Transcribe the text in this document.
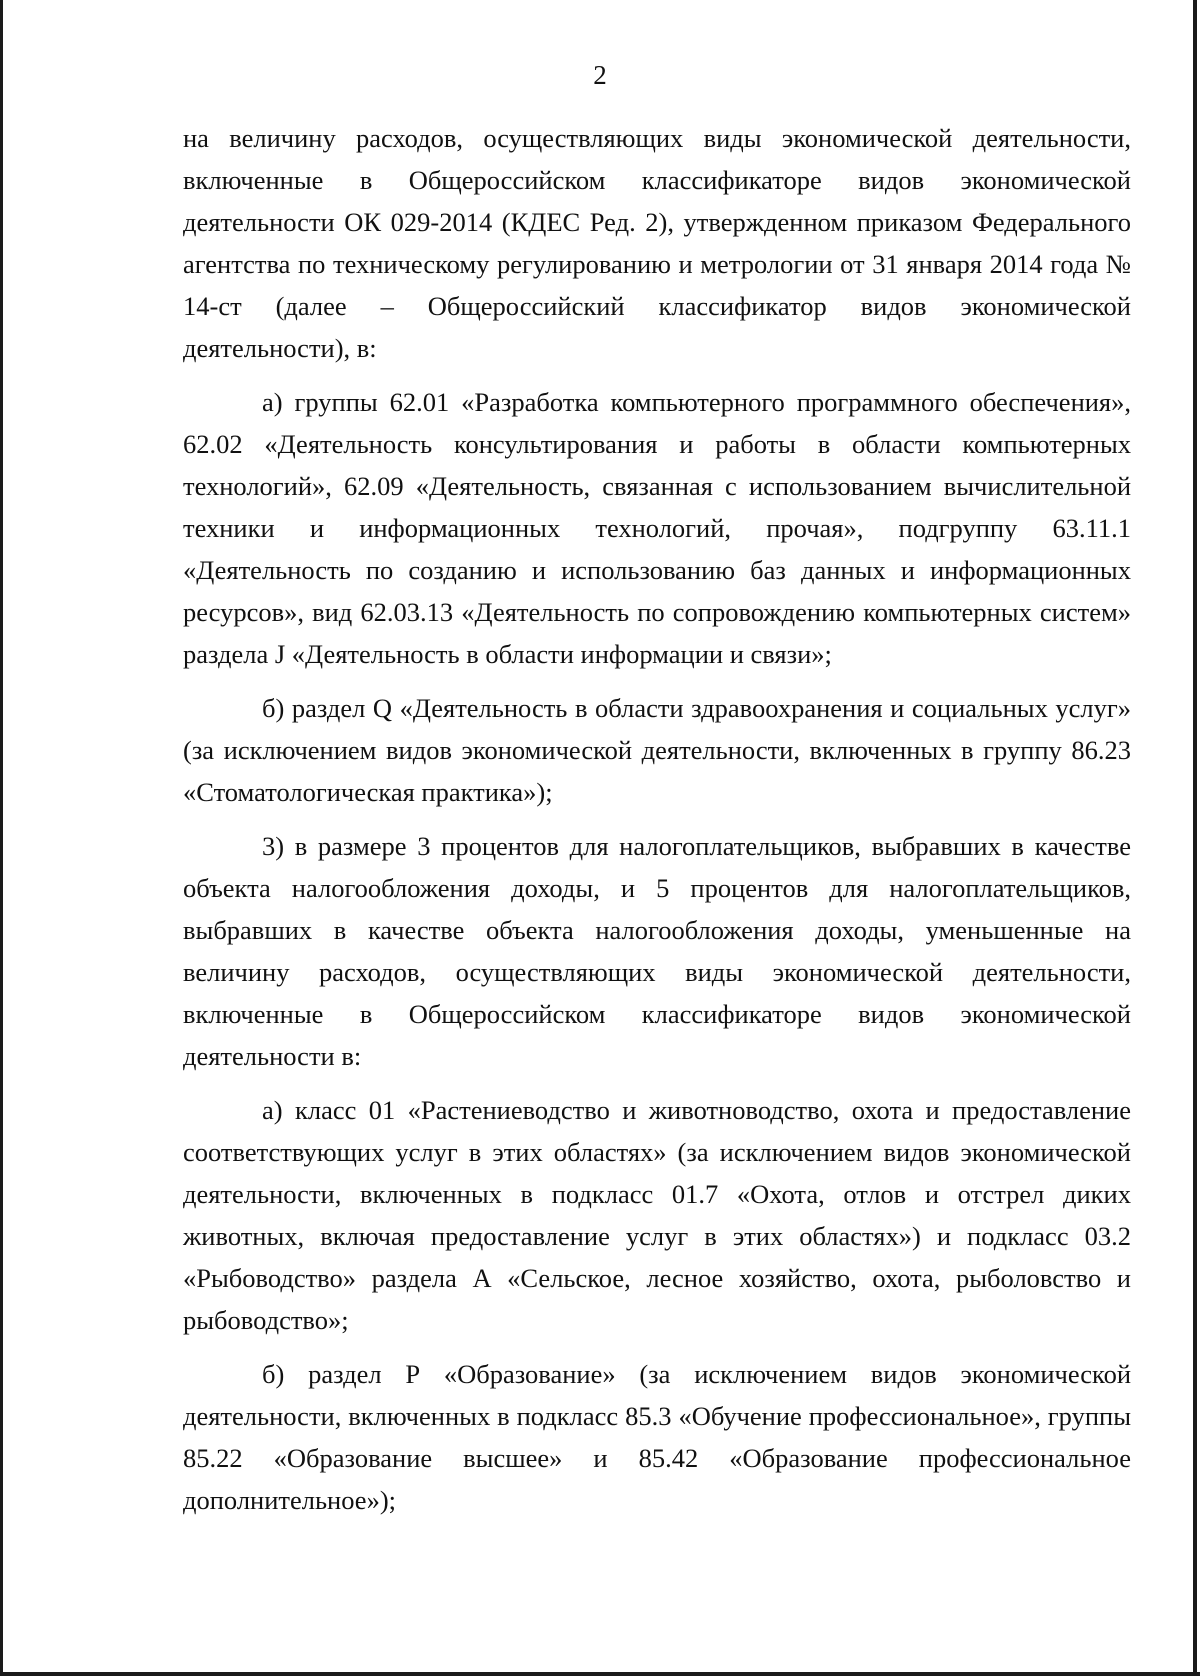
2

на величину расходов, осуществляющих виды экономической деятельности, включенные в Общероссийском классификаторе видов экономической деятельности ОК 029-2014 (КДЕС Ред. 2), утвержденном приказом Федерального агентства по техническому регулированию и метрологии от 31 января 2014 года № 14-ст (далее – Общероссийский классификатор видов экономической деятельности), в:

а) группы 62.01 «Разработка компьютерного программного обеспечения», 62.02 «Деятельность консультирования и работы в области компьютерных технологий», 62.09 «Деятельность, связанная с использованием вычислительной техники и информационных технологий, прочая», подгруппу 63.11.1 «Деятельность по созданию и использованию баз данных и информационных ресурсов», вид 62.03.13 «Деятельность по сопровождению компьютерных систем» раздела J «Деятельность в области информации и связи»;

б) раздел Q «Деятельность в области здравоохранения и социальных услуг» (за исключением видов экономической деятельности, включенных в группу 86.23 «Стоматологическая практика»);

3) в размере 3 процентов для налогоплательщиков, выбравших в качестве объекта налогообложения доходы, и 5 процентов для налогоплательщиков, выбравших в качестве объекта налогообложения доходы, уменьшенные на величину расходов, осуществляющих виды экономической деятельности, включенные в Общероссийском классификаторе видов экономической деятельности в:

а) класс 01 «Растениеводство и животноводство, охота и предоставление соответствующих услуг в этих областях» (за исключением видов экономической деятельности, включенных в подкласс 01.7 «Охота, отлов и отстрел диких животных, включая предоставление услуг в этих областях») и подкласс 03.2 «Рыбоводство» раздела А «Сельское, лесное хозяйство, охота, рыболовство и рыбоводство»;

б) раздел Р «Образование» (за исключением видов экономической деятельности, включенных в подкласс 85.3 «Обучение профессиональное», группы 85.22 «Образование высшее» и 85.42 «Образование профессиональное дополнительное»);
